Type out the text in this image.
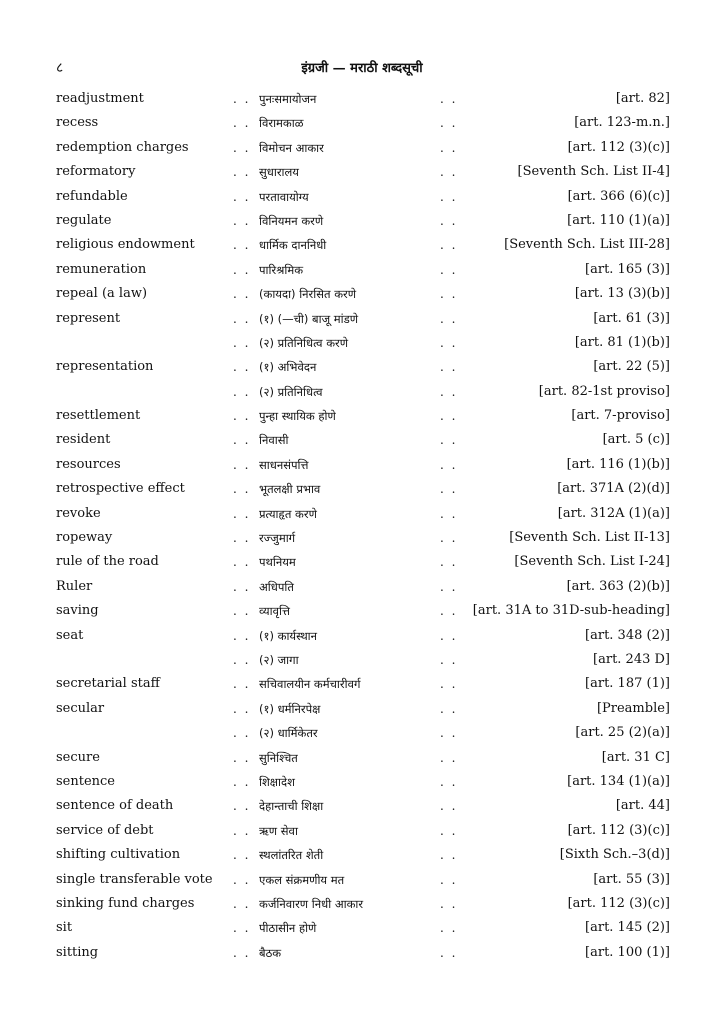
८	इंग्रजी — मराठी शब्दसूची
readjustment	. . पुनःसमायोजन	. .	[art. 82]
recess	. . विरामकाळ	. .	[art. 123-m.n.]
redemption charges	. . विमोचन आकार	. .	[art. 112 (3)(c)]
reformatory	. . सुधारालय	. .	[Seventh Sch. List II-4]
refundable	. . परतावायोग्य	. .	[art. 366 (6)(c)]
regulate	. . विनियमन करणे	. .	[art. 110 (1)(a)]
religious endowment	. . धार्मिक दाननिधी	. .	[Seventh Sch. List III-28]
remuneration	. . पारिश्रमिक	. .	[art. 165 (3)]
repeal (a law)	. . (कायदा) निरसित करणे	. .	[art. 13 (3)(b)]
represent	. . (१) (—ची) बाजू मांडणे	. .	[art. 61 (3)]
. . (२) प्रतिनिधित्व करणे	. .	[art. 81 (1)(b)]
representation	. . (१) अभिवेदन	. .	[art. 22 (5)]
. . (२) प्रतिनिधित्व	. .	[art. 82-1st proviso]
resettlement	. . पुन्हा स्थायिक होणे	. .	[art. 7-proviso]
resident	. . निवासी	. .	[art. 5 (c)]
resources	. . साधनसंपत्ति	. .	[art. 116 (1)(b)]
retrospective effect	. . भूतलक्षी प्रभाव	. .	[art. 371A (2)(d)]
revoke	. . प्रत्याहृत करणे	. .	[art. 312A (1)(a)]
ropeway	. . रज्जुमार्ग	. .	[Seventh Sch. List II-13]
rule of the road	. . पथनियम	. .	[Seventh Sch. List I-24]
Ruler	. . अधिपति	. .	[art. 363 (2)(b)]
saving	. . व्यावृत्ति	. . [art. 31A to 31D-sub-heading]
seat	. . (१) कार्यस्थान	. .	[art. 348 (2)]
. . (२) जागा	. .	[art. 243 D]
secretarial staff	. . सचिवालयीन कर्मचारीवर्ग	. .	[art. 187 (1)]
secular	. . (१) धर्मनिरपेक्ष	. .	[Preamble]
. . (२) धार्मिकेतर	. .	[art. 25 (2)(a)]
secure	. . सुनिश्चित	. .	[art. 31 C]
sentence	. . शिक्षादेश	. .	[art. 134 (1)(a)]
sentence of death	. . देहान्ताची शिक्षा	. .	[art. 44]
service of debt	. . ऋण सेवा	. .	[art. 112 (3)(c)]
shifting cultivation	. . स्थलांतरित शेती	. .	[Sixth Sch.–3(d)]
single transferable vote . . एकल संक्रमणीय मत	. .	[art. 55 (3)]
sinking fund charges	. . कर्जनिवारण निधी आकार	. .	[art. 112 (3)(c)]
sit	. . पीठासीन होणे	. .	[art. 145 (2)]
sitting	. . बैठक	. .	[art. 100 (1)]
